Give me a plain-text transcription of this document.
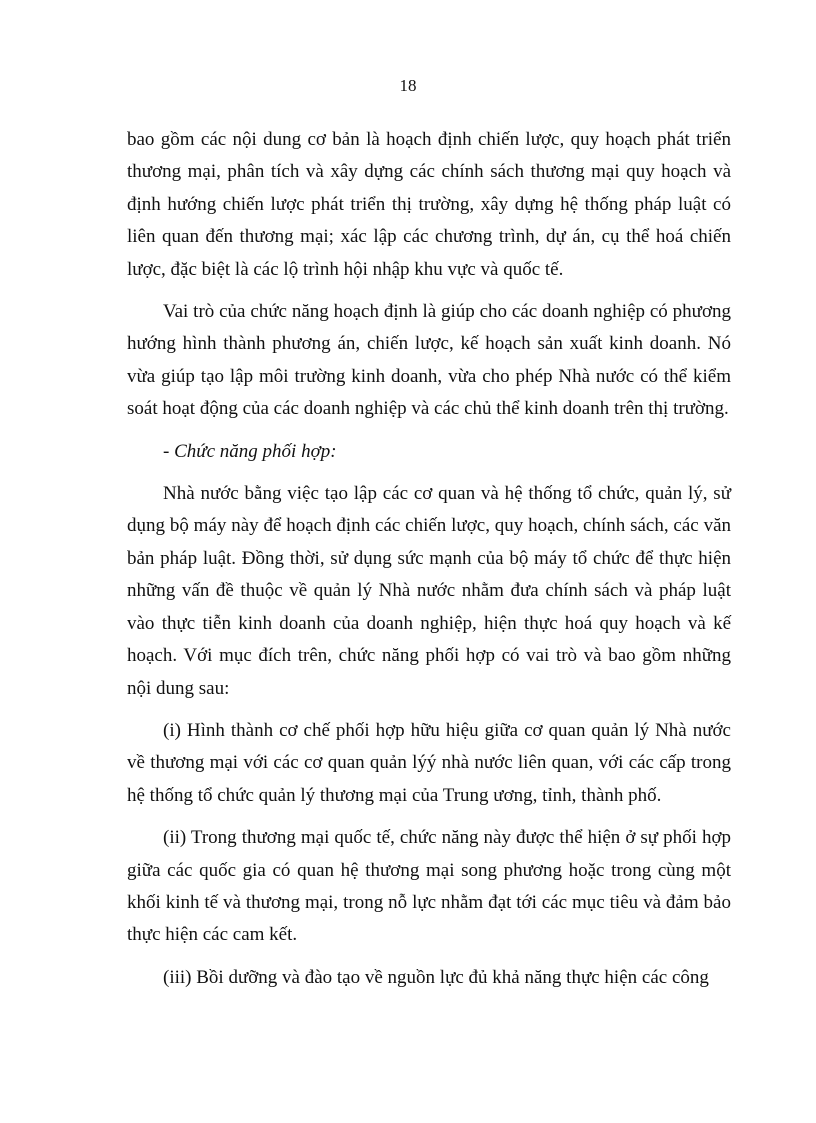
18

bao gồm các nội dung cơ bản là hoạch định chiến lược, quy hoạch phát triển thương mại, phân tích và xây dựng các chính sách thương mại quy hoạch và định hướng chiến lược phát triển thị trường, xây dựng hệ thống pháp luật có liên quan đến thương mại; xác lập các chương trình, dự án, cụ thể hoá chiến lược, đặc biệt là các lộ trình hội nhập khu vực và quốc tế.

Vai trò của chức năng hoạch định là giúp cho các doanh nghiệp có phương hướng hình thành phương án, chiến lược, kế hoạch sản xuất kinh doanh. Nó vừa giúp tạo lập môi trường kinh doanh, vừa cho phép Nhà nước có thể kiểm soát hoạt động của các doanh nghiệp và các chủ thể kinh doanh trên thị trường.

- Chức năng phối hợp:

Nhà nước bằng việc tạo lập các cơ quan và hệ thống tổ chức, quản lý, sử dụng bộ máy này để hoạch định các chiến lược, quy hoạch, chính sách, các văn bản pháp luật. Đồng thời, sử dụng sức mạnh của bộ máy tổ chức để thực hiện những vấn đề thuộc về quản lý Nhà nước nhằm đưa chính sách và pháp luật vào thực tiễn kinh doanh của doanh nghiệp, hiện thực hoá quy hoạch và kế hoạch. Với mục đích trên, chức năng phối hợp có vai trò và bao gồm những nội dung sau:

(i) Hình thành cơ chế phối hợp hữu hiệu giữa cơ quan quản lý Nhà nước về thương mại với các cơ quan quản lýý nhà nước liên quan, với các cấp trong hệ thống tổ chức quản lý thương mại của Trung ương, tỉnh, thành phố.

(ii) Trong thương mại quốc tế, chức năng này được thể hiện ở sự phối hợp giữa các quốc gia có quan hệ thương mại song phương hoặc trong cùng một khối kinh tế và thương mại, trong nỗ lực nhằm đạt tới các mục tiêu và đảm bảo thực hiện các cam kết.

(iii) Bồi dưỡng và đào tạo về nguồn lực đủ khả năng thực hiện các công
